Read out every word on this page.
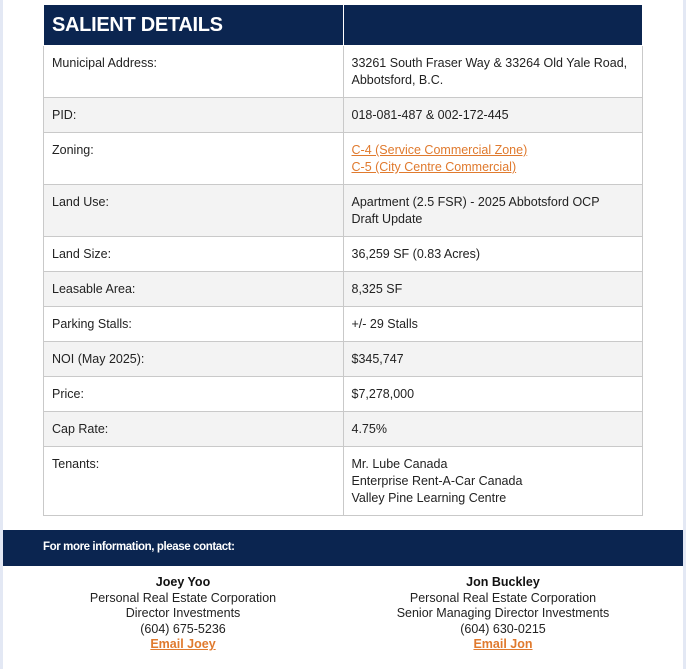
SALIENT DETAILS	
Municipal Address:	33261 South Fraser Way & 33264 Old Yale Road,
Abbotsford, B.C.

PID:	018-081-487 & 002-172-445

Zoning:	C-4 (Service Commercial Zone)
C-5 (City Centre Commercial)

Land Use:	Apartment (2.5 FSR) - 2025 Abbotsford OCP
Draft Update

Land Size:	36,259 SF (0.83 Acres)

Leasable Area:	8,325 SF

Parking Stalls:	+/- 29 Stalls

NOI (May 2025):	$345,747

Price:	$7,278,000

Cap Rate:	4.75%

Tenants:	Mr. Lube Canada
Enterprise Rent-A-Car Canada
Valley Pine Learning Centre
For more information, please contact:
Joey Yoo
Personal Real Estate Corporation
Director Investments
(604) 675-5236
Email Joey
Jon Buckley
Personal Real Estate Corporation
Senior Managing Director Investments
(604) 630-0215
Email Jon
